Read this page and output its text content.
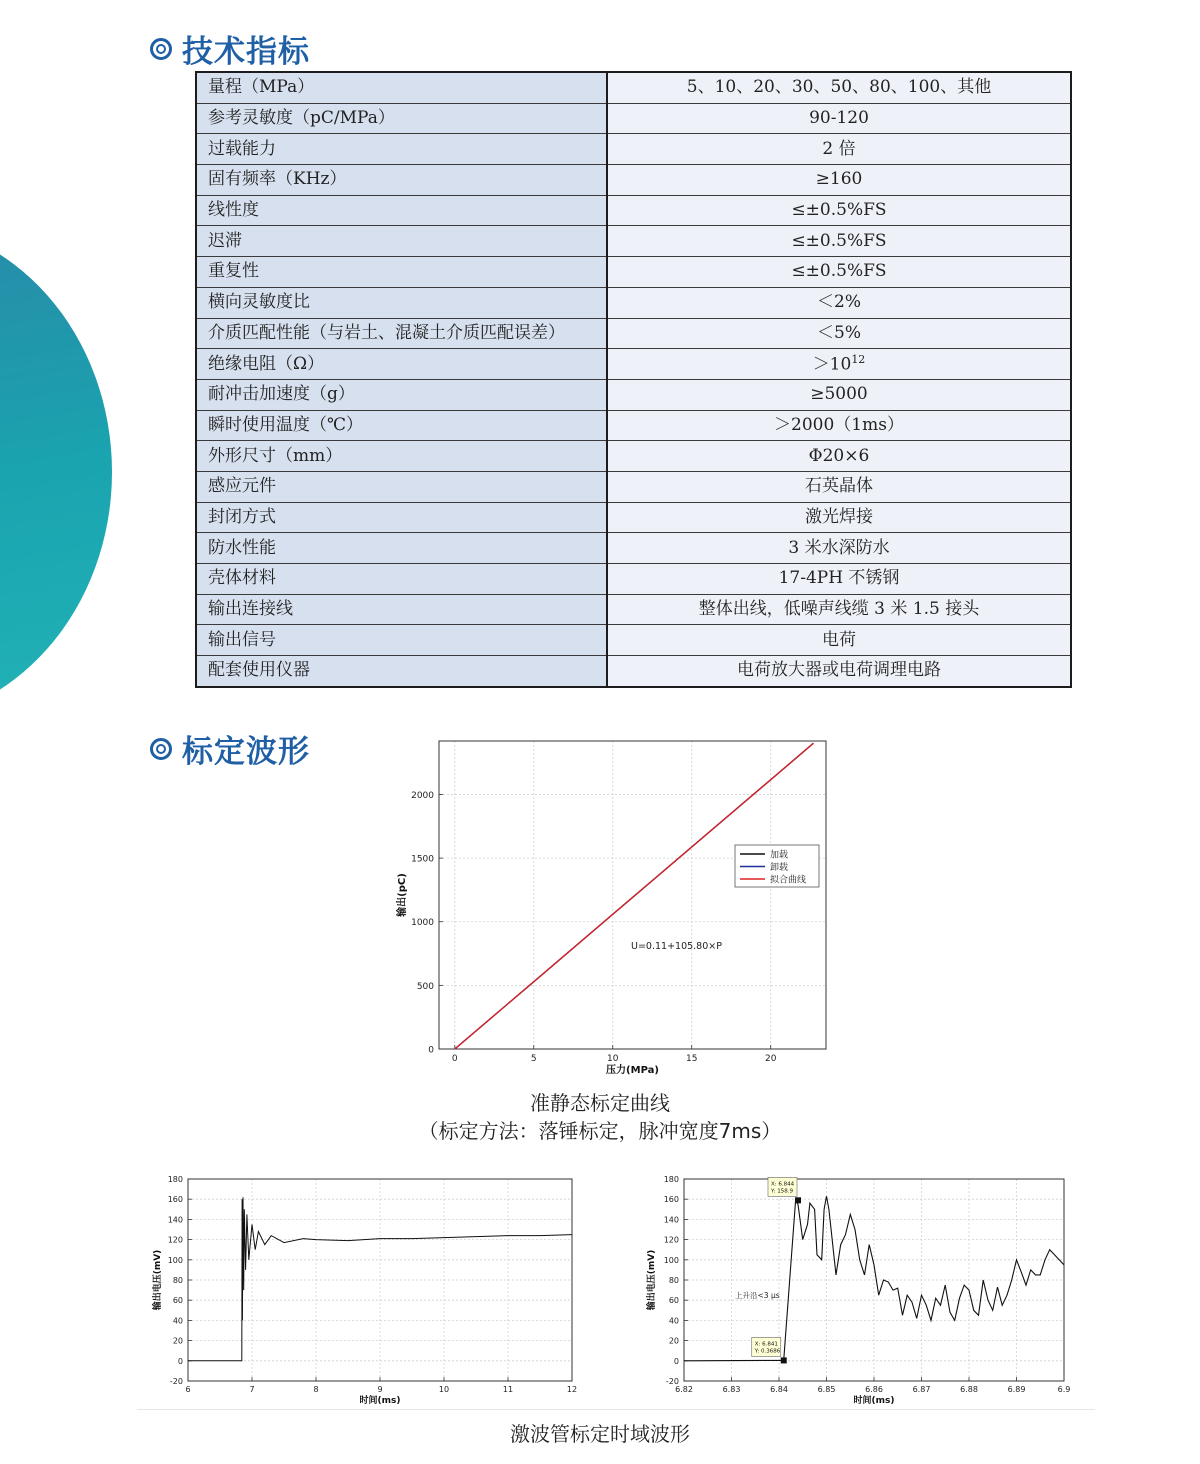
技术指标
量程（MPa）	5、10、20、30、50、80、100、其他
参考灵敏度（pC/MPa）	90-120
过载能力	2 倍
固有频率（KHz）	≥160
线性度	≤±0.5%FS
迟滞	≤±0.5%FS
重复性	≤±0.5%FS
横向灵敏度比	＜2%
介质匹配性能（与岩土、混凝土介质匹配误差）	＜5%
绝缘电阻（Ω）	$>10^{12}$
耐冲击加速度（g）	≥5000
瞬时使用温度（℃）	＞2000（1ms）
外形尺寸（mm）	Φ20×6
感应元件	石英晶体
封闭方式	激光焊接
防水性能	3 米水深防水
壳体材料	17-4PH 不锈钢
输出连接线	整体出线，低噪声线缆 3 米 1.5 接头
输出信号	电荷
配套使用仪器	电荷放大器或电荷调理电路
标定波形
0	5	10	15	20
0
500
1000
1500
2000
压力(MPa)
输出(pC)
加载
卸载
拟合曲线
U=0.11+105.80×P
准静态标定曲线
（标定方法：落锤标定，脉冲宽度7ms）
6	7	8	9	10	11	12
-20
0
20
40
60
80
100
120
140
160
180
时间(ms)
输出电压(mV)
6.82	6.83	6.84	6.85	6.86	6.87	6.88	6.89	6.9
-20
0
20
40
60
80
100
120
140
160
180
时间(ms)
输出电压(mV)
X: 6.844
Y: 158.9
X: 6.841
Y: 0.3686
上升沿<3 μs
激波管标定时域波形
